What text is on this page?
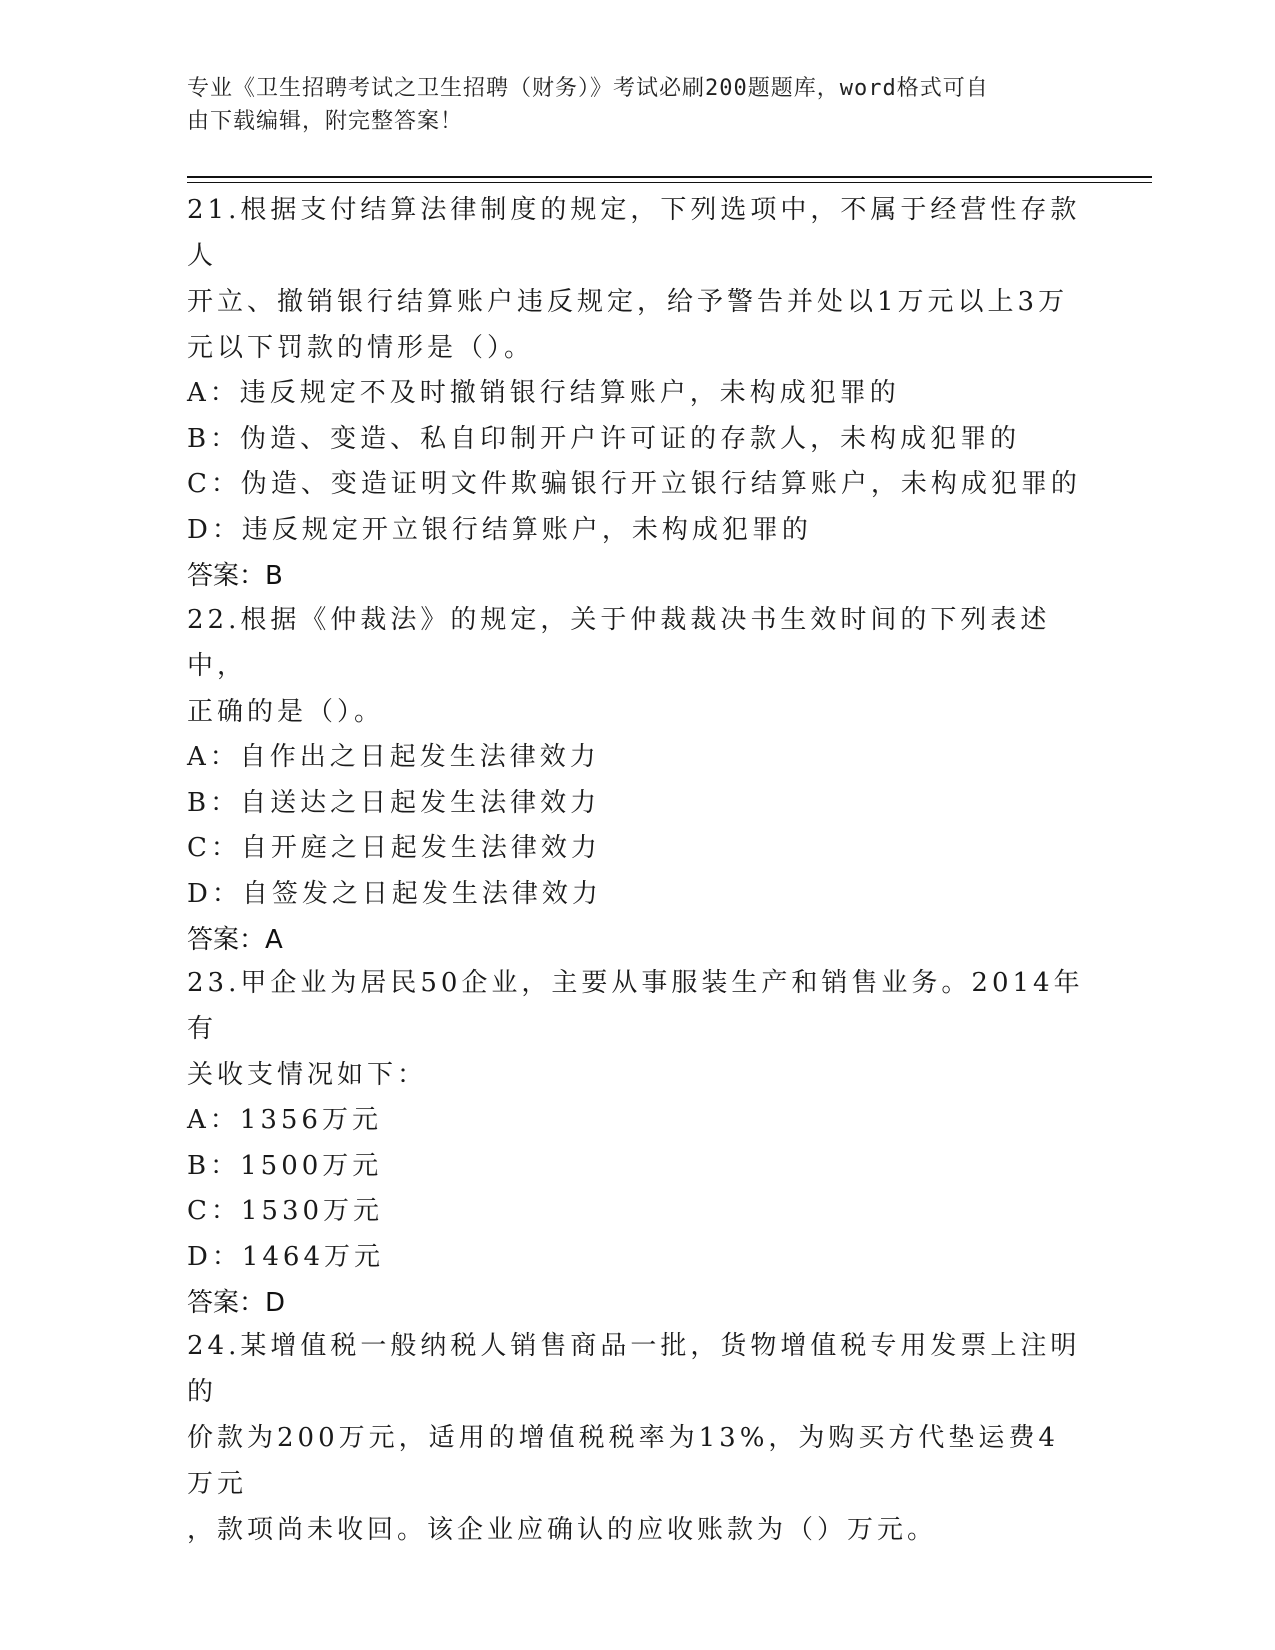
专业《卫生招聘考试之卫生招聘（财务）》考试必刷200题题库，word格式可自
由下载编辑，附完整答案！
21.根据支付结算法律制度的规定，下列选项中，不属于经营性存款人
开立、撤销银行结算账户违反规定，给予警告并处以1万元以上3万
元以下罚款的情形是（）。
A：违反规定不及时撤销银行结算账户，未构成犯罪的
B：伪造、变造、私自印制开户许可证的存款人，未构成犯罪的
C：伪造、变造证明文件欺骗银行开立银行结算账户，未构成犯罪的
D：违反规定开立银行结算账户，未构成犯罪的
答案：B
22.根据《仲裁法》的规定，关于仲裁裁决书生效时间的下列表述中，
正确的是（）。
A：自作出之日起发生法律效力
B：自送达之日起发生法律效力
C：自开庭之日起发生法律效力
D：自签发之日起发生法律效力
答案：A
23.甲企业为居民50企业，主要从事服装生产和销售业务。2014年有
关收支情况如下：
A：1356万元
B：1500万元
C：1530万元
D：1464万元
答案：D
24.某增值税一般纳税人销售商品一批，货物增值税专用发票上注明的
价款为200万元，适用的增值税税率为13%，为购买方代垫运费4万元
，款项尚未收回。该企业应确认的应收账款为（）万元。
